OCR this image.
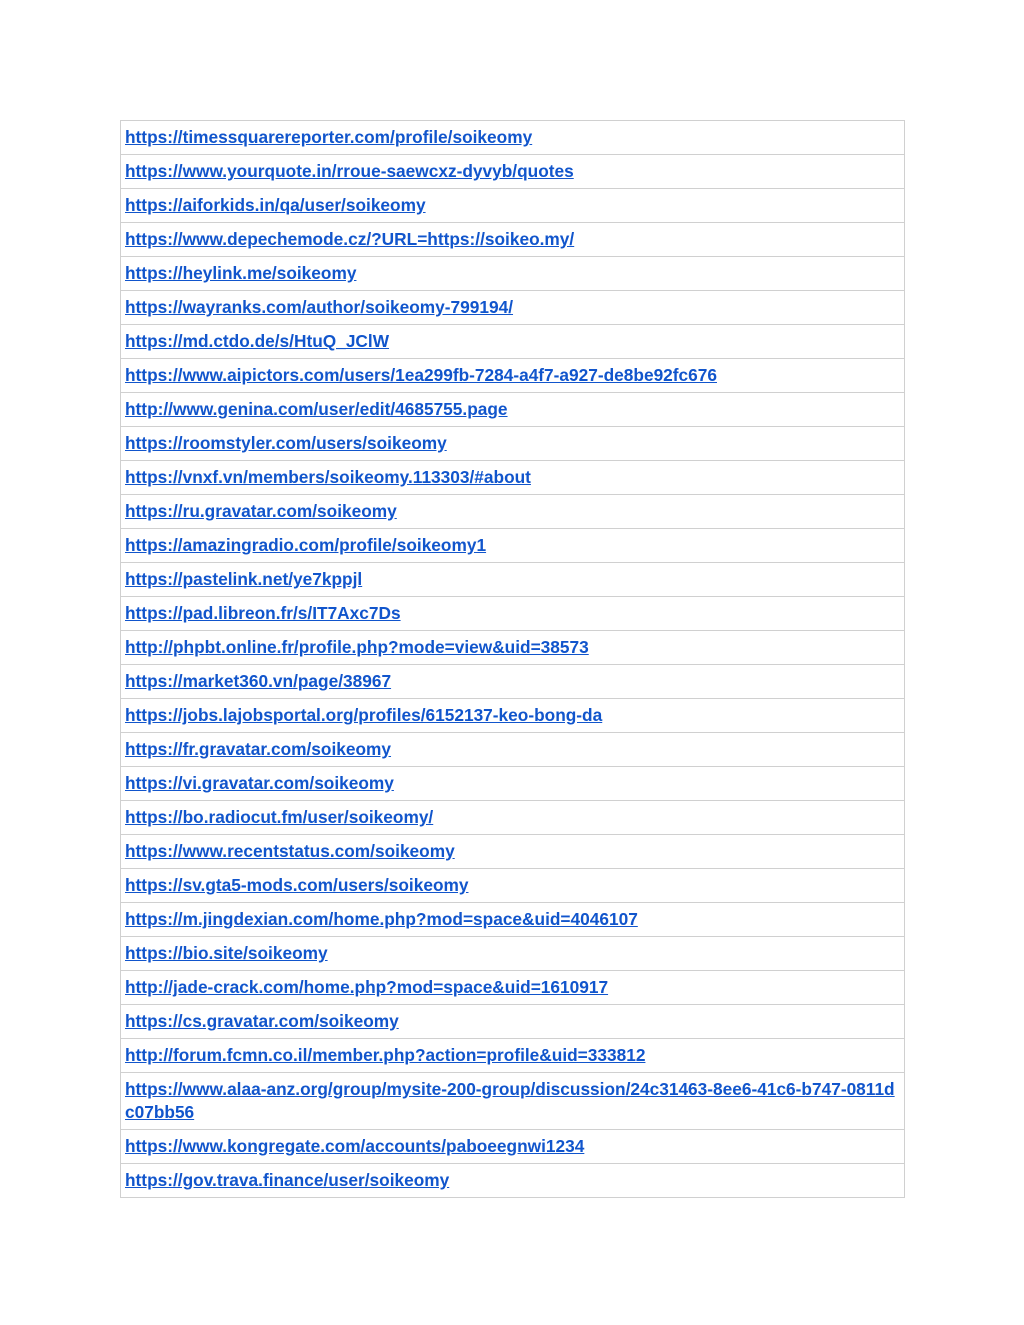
https://timessquarereporter.com/profile/soikeomy
https://www.yourquote.in/rroue-saewcxz-dyvyb/quotes
https://aiforkids.in/qa/user/soikeomy
https://www.depechemode.cz/?URL=https://soikeo.my/
https://heylink.me/soikeomy
https://wayranks.com/author/soikeomy-799194/
https://md.ctdo.de/s/HtuQ_JClW
https://www.aipictors.com/users/1ea299fb-7284-a4f7-a927-de8be92fc676
http://www.genina.com/user/edit/4685755.page
https://roomstyler.com/users/soikeomy
https://vnxf.vn/members/soikeomy.113303/#about
https://ru.gravatar.com/soikeomy
https://amazingradio.com/profile/soikeomy1
https://pastelink.net/ye7kppjl
https://pad.libreon.fr/s/IT7Axc7Ds
http://phpbt.online.fr/profile.php?mode=view&uid=38573
https://market360.vn/page/38967
https://jobs.lajobsportal.org/profiles/6152137-keo-bong-da
https://fr.gravatar.com/soikeomy
https://vi.gravatar.com/soikeomy
https://bo.radiocut.fm/user/soikeomy/
https://www.recentstatus.com/soikeomy
https://sv.gta5-mods.com/users/soikeomy
https://m.jingdexian.com/home.php?mod=space&uid=4046107
https://bio.site/soikeomy
http://jade-crack.com/home.php?mod=space&uid=1610917
https://cs.gravatar.com/soikeomy
http://forum.fcmn.co.il/member.php?action=profile&uid=333812
https://www.alaa-anz.org/group/mysite-200-group/discussion/24c31463-8ee6-41c6-b747-0811dc07bb56
https://www.kongregate.com/accounts/paboeegnwi1234
https://gov.trava.finance/user/soikeomy
